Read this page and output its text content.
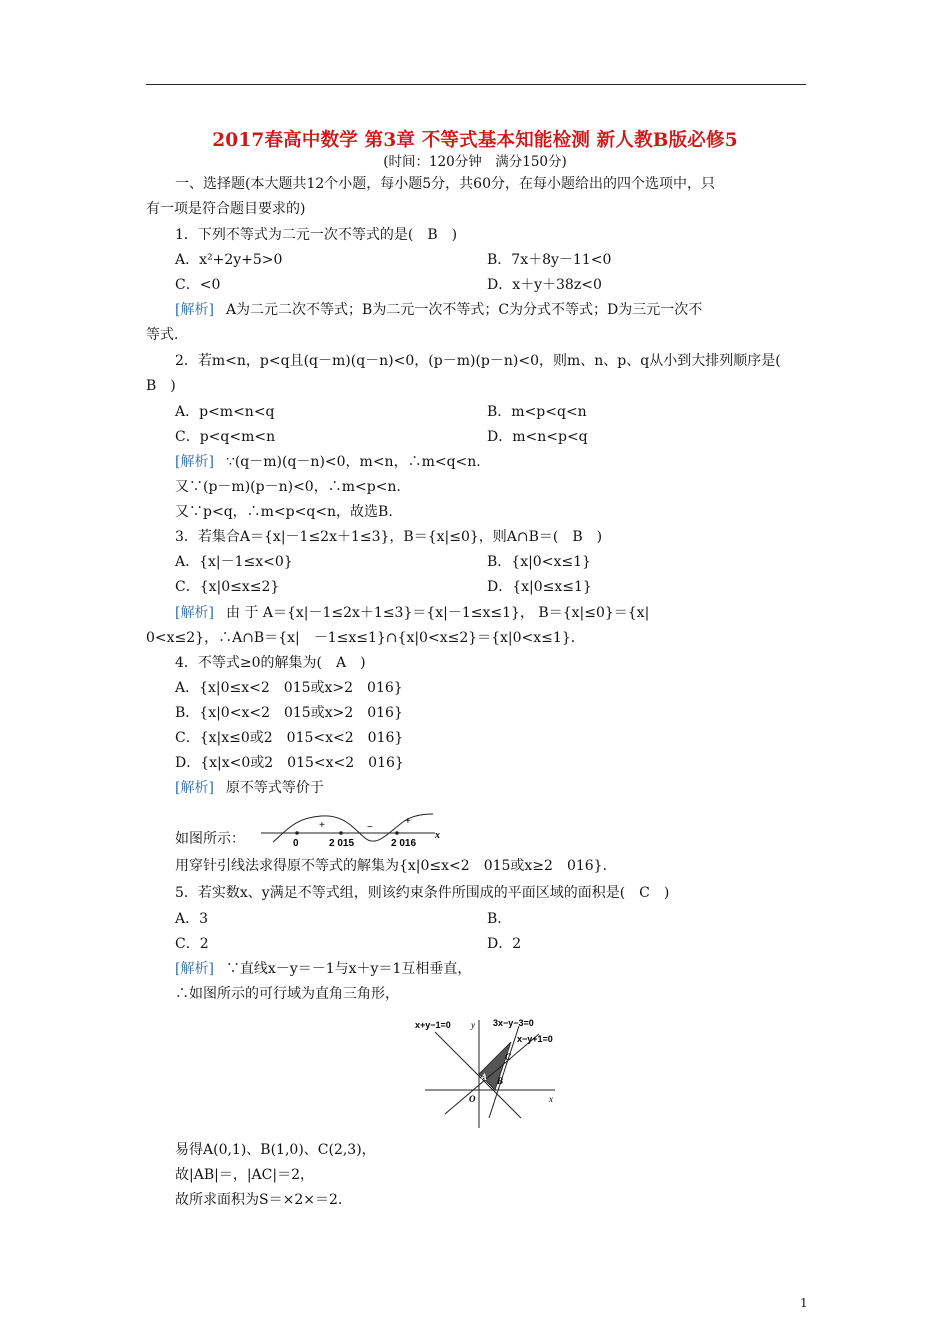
2017春高中数学 第3章 不等式基本知能检测 新人教B版必修5
(时间：120分钟　满分150分)
一、选择题(本大题共12个小题，每小题5分，共60分，在每小题给出的四个选项中，只
有一项是符合题目要求的)
1．下列不等式为二元一次不等式的是(　B　)
A．x²+2y+5>0	B．7x＋8y－11<0
C．<0	D．x＋y＋38z<0
[解析] A为二元二次不等式；B为二元一次不等式；C为分式不等式；D为三元一次不
等式．
2．若m<n，p<q且(q－m)(q－n)<0，(p－m)(p－n)<0，则m、n、p、q从小到大排列顺序是(
B　)
A．p<m<n<q	B．m<p<q<n
C．p<q<m<n	D．m<n<p<q
[解析] ∵(q－m)(q－n)<0，m<n，∴m<q<n.
又∵(p－m)(p－n)<0，∴m<p<n.
又∵p<q，∴m<p<q<n，故选B.
3．若集合A＝{x|－1≤2x＋1≤3}，B＝{x|≤0}，则A∩B＝(　B　)
A．{x|－1≤x<0}	B．{x|0<x≤1}
C．{x|0≤x≤2}	D．{x|0≤x≤1}
[解析] 由 于 A＝{x|－1≤2x＋1≤3}＝{x|－1≤x≤1}， B＝{x|≤0}＝{x|
0<x≤2}，∴A∩B＝{x|　－1≤x≤1}∩{x|0<x≤2}＝{x|0<x≤1}．
4．不等式≥0的解集为(　A　)
A．{x|0≤x<2　015或x>2　016}
B．{x|0<x<2　015或x>2　016}
C．{x|x≤0或2　015<x<2　016}
D．{x|x<0或2　015<x<2　016}
[解析] 原不等式等价于
如图所示：
用穿针引线法求得原不等式的解集为{x|0≤x<2　015或x≥2　016}．
5．若实数x、y满足不等式组，则该约束条件所围成的平面区域的面积是(　C　)
A．3	B.
C．2	D．2
[解析] ∵直线x－y＝－1与x＋y＝1互相垂直，
∴如图所示的可行域为直角三角形，
易得A(0,1)、B(1,0)、C(2,3)，
故|AB|＝，|AC|＝2，
故所求面积为S＝×2×＝2.
0	2 015	2 016
x
+	−
+
x+y−1=0	3x−y−3=0
x−y+1=0
y
x
O
A B
C
1
